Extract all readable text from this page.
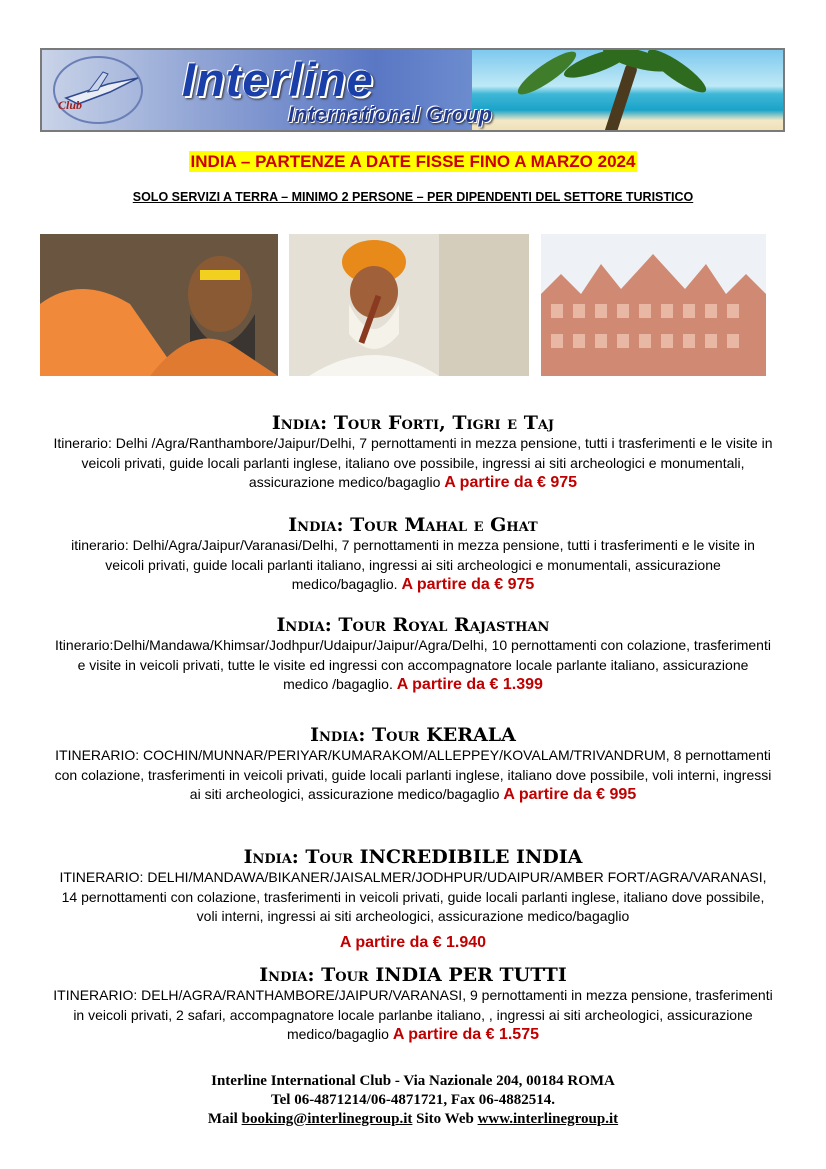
Club Interline
International Group
INDIA – PARTENZE A DATE FISSE FINO A MARZO 2024
SOLO SERVIZI A TERRA – MINIMO 2 PERSONE – PER DIPENDENTI DEL SETTORE TURISTICO
India: Tour Forti, Tigri e Taj

Itinerario: Delhi /Agra/Ranthambore/Jaipur/Delhi, 7 pernottamenti in mezza pensione, tutti i trasferimenti e le visite in veicoli privati, guide locali parlanti inglese, italiano ove possibile, ingressi ai siti archeologici e monumentali, assicurazione medico/bagaglio A partire da € 975

India: Tour Mahal e Ghat

itinerario: Delhi/Agra/Jaipur/Varanasi/Delhi, 7 pernottamenti in mezza pensione, tutti i trasferimenti e le visite in veicoli privati, guide locali parlanti italiano, ingressi ai siti archeologici e monumentali, assicurazione medico/bagaglio. A partire da € 975

India: Tour Royal Rajasthan

Itinerario:Delhi/Mandawa/Khimsar/Jodhpur/Udaipur/Jaipur/Agra/Delhi, 10 pernottamenti con colazione, trasferimenti e visite in veicoli privati, tutte le visite ed ingressi con accompagnatore locale parlante italiano, assicurazione medico /bagaglio. A partire da € 1.399

India: Tour KERALA

ITINERARIO: COCHIN/MUNNAR/PERIYAR/KUMARAKOM/ALLEPPEY/KOVALAM/TRIVANDRUM, 8 pernottamenti con colazione, trasferimenti in veicoli privati, guide locali parlanti inglese, italiano dove possibile, voli interni, ingressi ai siti archeologici, assicurazione medico/bagaglio A partire da € 995

India: Tour INCREDIBILE INDIA

ITINERARIO: DELHI/MANDAWA/BIKANER/JAISALMER/JODHPUR/UDAIPUR/AMBER FORT/AGRA/VARANASI, 14 pernottamenti con colazione, trasferimenti in veicoli privati, guide locali parlanti inglese, italiano dove possibile, voli interni, ingressi ai siti archeologici, assicurazione medico/bagaglio
A partire da € 1.940

India: Tour INDIA PER TUTTI

ITINERARIO: DELH/AGRA/RANTHAMBORE/JAIPUR/VARANASI, 9 pernottamenti in mezza pensione, trasferimenti in veicoli privati, 2 safari, accompagnatore locale parlanbe italiano, , ingressi ai siti archeologici, assicurazione medico/bagaglio A partire da € 1.575

Interline International Club - Via Nazionale 204, 00184 ROMA
Tel 06-4871214/06-4871721, Fax 06-4882514.
Mail booking@interlinegroup.it Sito Web www.interlinegroup.it
